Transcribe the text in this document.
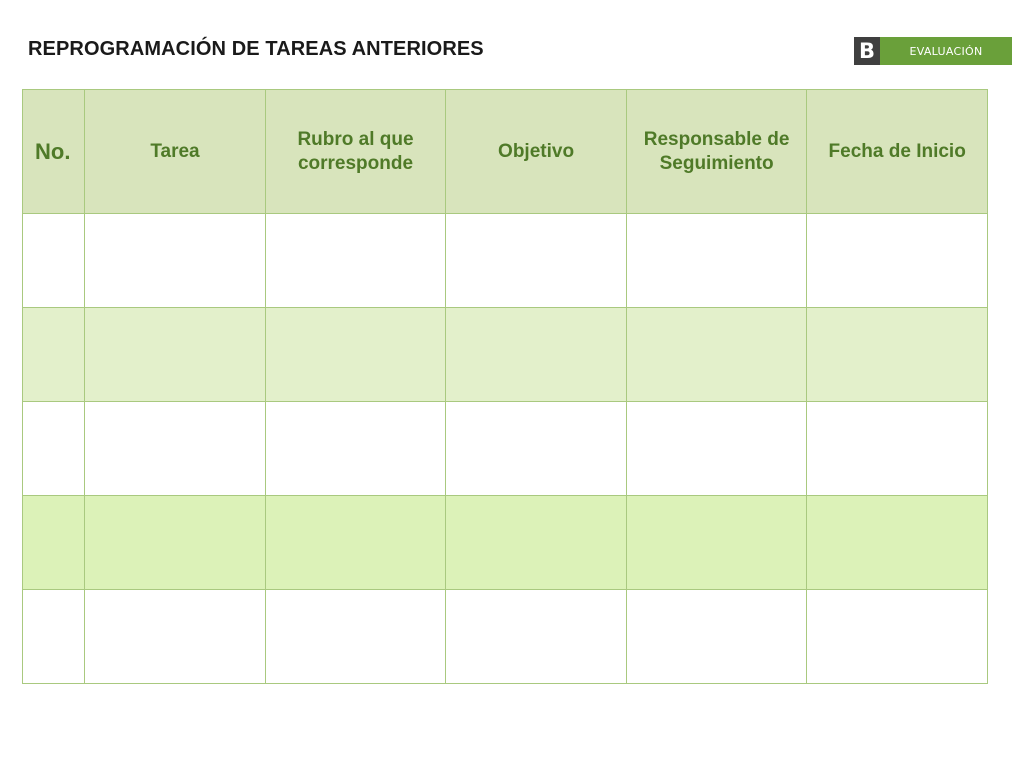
REPROGRAMACIÓN DE TAREAS ANTERIORES	B	EVALUACIÓN
No.	Tarea	Rubro al que corresponde	Objetivo	Responsable de Seguimiento	Fecha de Inicio
